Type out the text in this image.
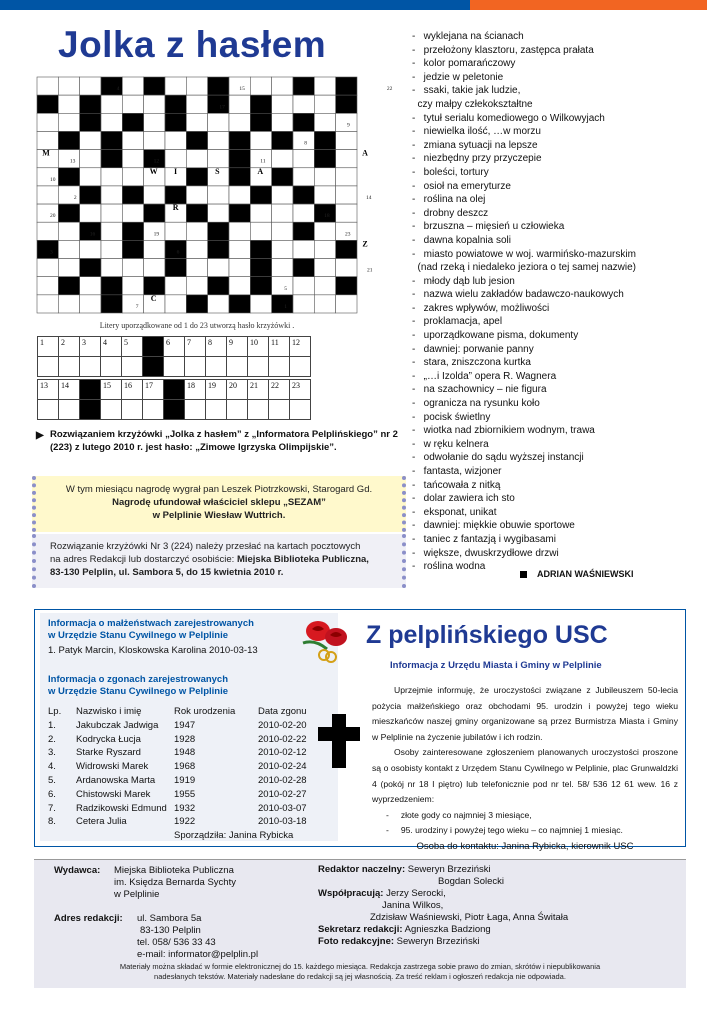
Jolka z hasłem
4	15	22
17
9
8
13	12	11
10
2	14
20	18
16	19	23
3	6
21
5
7	1
M	A
W I O S N A
R
Z
E
C
Litery uporządkowane od 1 do 23 utworzą hasło krzyżówki .
1	2	3	4	5		6	7	8	9	10	11	12

13	14		15	16	17		18	19	20	21	22	23

▶ Rozwiązaniem krzyżówki „Jolka z hasłem” z „Informatora Pelplińskiego” nr 2 (223) z lutego 2010 r. jest hasło: „Zimowe Igrzyska Olimpijskie”.
W tym miesiącu nagrodę wygrał pan Leszek Piotrzkowski, Starogard Gd.
Nagrodę ufundował właściciel sklepu „SEZAM”
w Pelplinie Wiesław Wuttrich.
Rozwiązanie krzyżówki Nr 3 (224) należy przesłać na kartach pocztowych
na adres Redakcji lub dostarczyć osobiście: Miejska Biblioteka Publiczna,
83-130 Pelplin, ul. Sambora 5, do 15 kwietnia 2010 r.
-   wyklejana na ścianach
-   przełożony klasztoru, zastępca prałata
-   kolor pomarańczowy
-   jedzie w peletonie
-   ssaki, takie jak ludzie,
czy małpy człekokształtne
-   tytuł serialu komediowego o Wilkowyjach
-   niewielka ilość, …w morzu
-   zmiana sytuacji na lepsze
-   niezbędny przy przyczepie
-   boleści, tortury
-   osioł na emeryturze
-   roślina na olej
-   drobny deszcz
-   brzuszna – mięsień u człowieka
-   dawna kopalnia soli
-   miasto powiatowe w woj. warmińsko-mazurskim
(nad rzeką i niedaleko jeziora o tej samej nazwie)
-   młody dąb lub jesion
-   nazwa wielu zakładów badawczo-naukowych
-   zakres wpływów, możliwości
-   proklamacja, apel
-   uporządkowane pisma, dokumenty
-   dawniej: porwanie panny
-   stara, zniszczona kurtka
-   „…i Izolda” opera R. Wagnera
-   na szachownicy – nie figura
-   ogranicza na rysunku koło
-   pocisk świetlny
-   wiotka nad zbiornikiem wodnym, trawa
-   w ręku kelnera
-   odwołanie do sądu wyższej instancji
-   fantasta, wizjoner
-   tańcowała z nitką
-   dolar zawiera ich sto
-   eksponat, unikat
-   dawniej: miękkie obuwie sportowe
-   taniec z fantazją i wygibasami
-   większe, dwuskrzydłowe drzwi
-   roślina wodna
ADRIAN WAŚNIEWSKI
Informacja o małżeństwach zarejestrowanych
w Urzędzie Stanu Cywilnego w Pelplinie
1. Patyk Marcin, Kloskowska Karolina 2010-03-13
Informacja o zgonach zarejestrowanych
w Urzędzie Stanu Cywilnego w Pelplinie
Lp. Nazwisko i imię	Rok urodzenia Data zgonu
1. Jakubczak Jadwiga 1947	2010-02-20
2. Kodrycka Łucja	1928	2010-02-22
3. Starke Ryszard	1948	2010-02-12
4. Widrowski Marek	1968	2010-02-24
5. Ardanowska Marta 1919	2010-02-28
6. Chistowski Marek 1955	2010-02-27
7. Radzikowski Edmund 1932	2010-03-07
8. Cetera Julia	1922	2010-03-18
Sporządziła: Janina Rybicka
Z pelplińskiego USC
Informacja z Urzędu Miasta i Gminy w Pelplinie
Uprzejmie informuję, że uroczystości związane z Jubileuszem 50-lecia pożycia małżeńskiego oraz obchodami 95. urodzin i powyżej tego wieku mieszkańców naszej gminy organizowane są przez Burmistrza Miasta i Gminy w Pelplinie na życzenie jubilatów i ich rodzin.
Osoby zainteresowane zgłoszeniem planowanych uroczystości proszone są o osobisty kontakt z Urzędem Stanu Cywilnego w Pelplinie, plac Grunwaldzki 4 (pokój nr 18 I piętro) lub telefonicznie pod nr tel. 58/ 536 12 61 wew. 16 z wyprzedzeniem:
-     złote gody co najmniej 3 miesiące,
-     95. urodziny i powyżej tego wieku – co najmniej 1 miesiąc.
Osoba do kontaktu: Janina Rybicka, kierownik USC
Wydawca: Miejska Biblioteka Publiczna
im. Księdza Bernarda Sychty
w Pelplinie
Adres redakcji: ul. Sambora 5a
83-130 Pelplin
tel. 058/ 536 33 43
e-mail: informator@pelplin.pl
Redaktor naczelny: Seweryn Brzeziński
Bogdan Solecki
Współpracują: Jerzy Serocki,
Janina Wilkos,
Zdzisław Waśniewski, Piotr Łaga, Anna Świtała
Sekretarz redakcji: Agnieszka Badziong
Foto redakcyjne: Seweryn Brzeziński
Materiały można składać w formie elektronicznej do 15. każdego miesiąca. Redakcja zastrzega sobie prawo do zmian, skrótów i niepublikowania
nadesłanych tekstów. Materiały nadesłane do redakcji są jej własnością. Za treść reklam i ogłoszeń redakcja nie odpowiada.
